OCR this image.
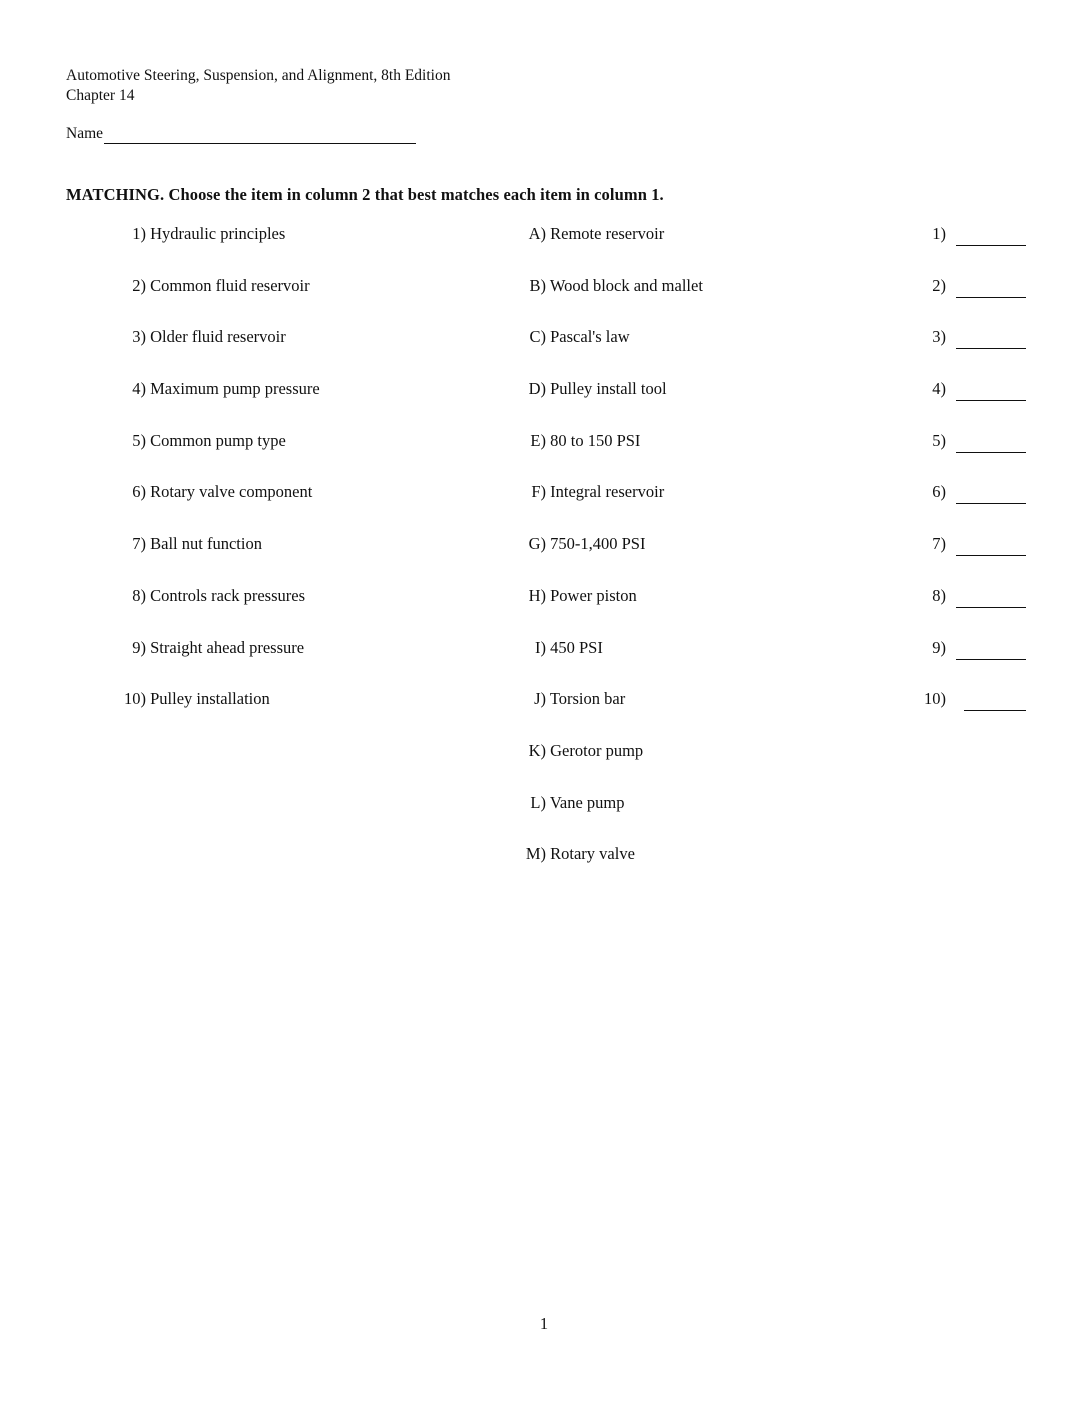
Automotive Steering, Suspension, and Alignment, 8th Edition
Chapter 14
Name
MATCHING. Choose the item in column 2 that best matches each item in column 1.
1) Hydraulic principles
2) Common fluid reservoir
3) Older fluid reservoir
4) Maximum pump pressure
5) Common pump type
6) Rotary valve component
7) Ball nut function
8) Controls rack pressures
9) Straight ahead pressure
10) Pulley installation
A) Remote reservoir
B) Wood block and mallet
C) Pascal's law
D) Pulley install tool
E) 80 to 150 PSI
F) Integral reservoir
G) 750-1,400 PSI
H) Power piston
I) 450 PSI
J) Torsion bar
K) Gerotor pump
L) Vane pump
M) Rotary valve
1)
2)
3)
4)
5)
6)
7)
8)
9)
10)
1
